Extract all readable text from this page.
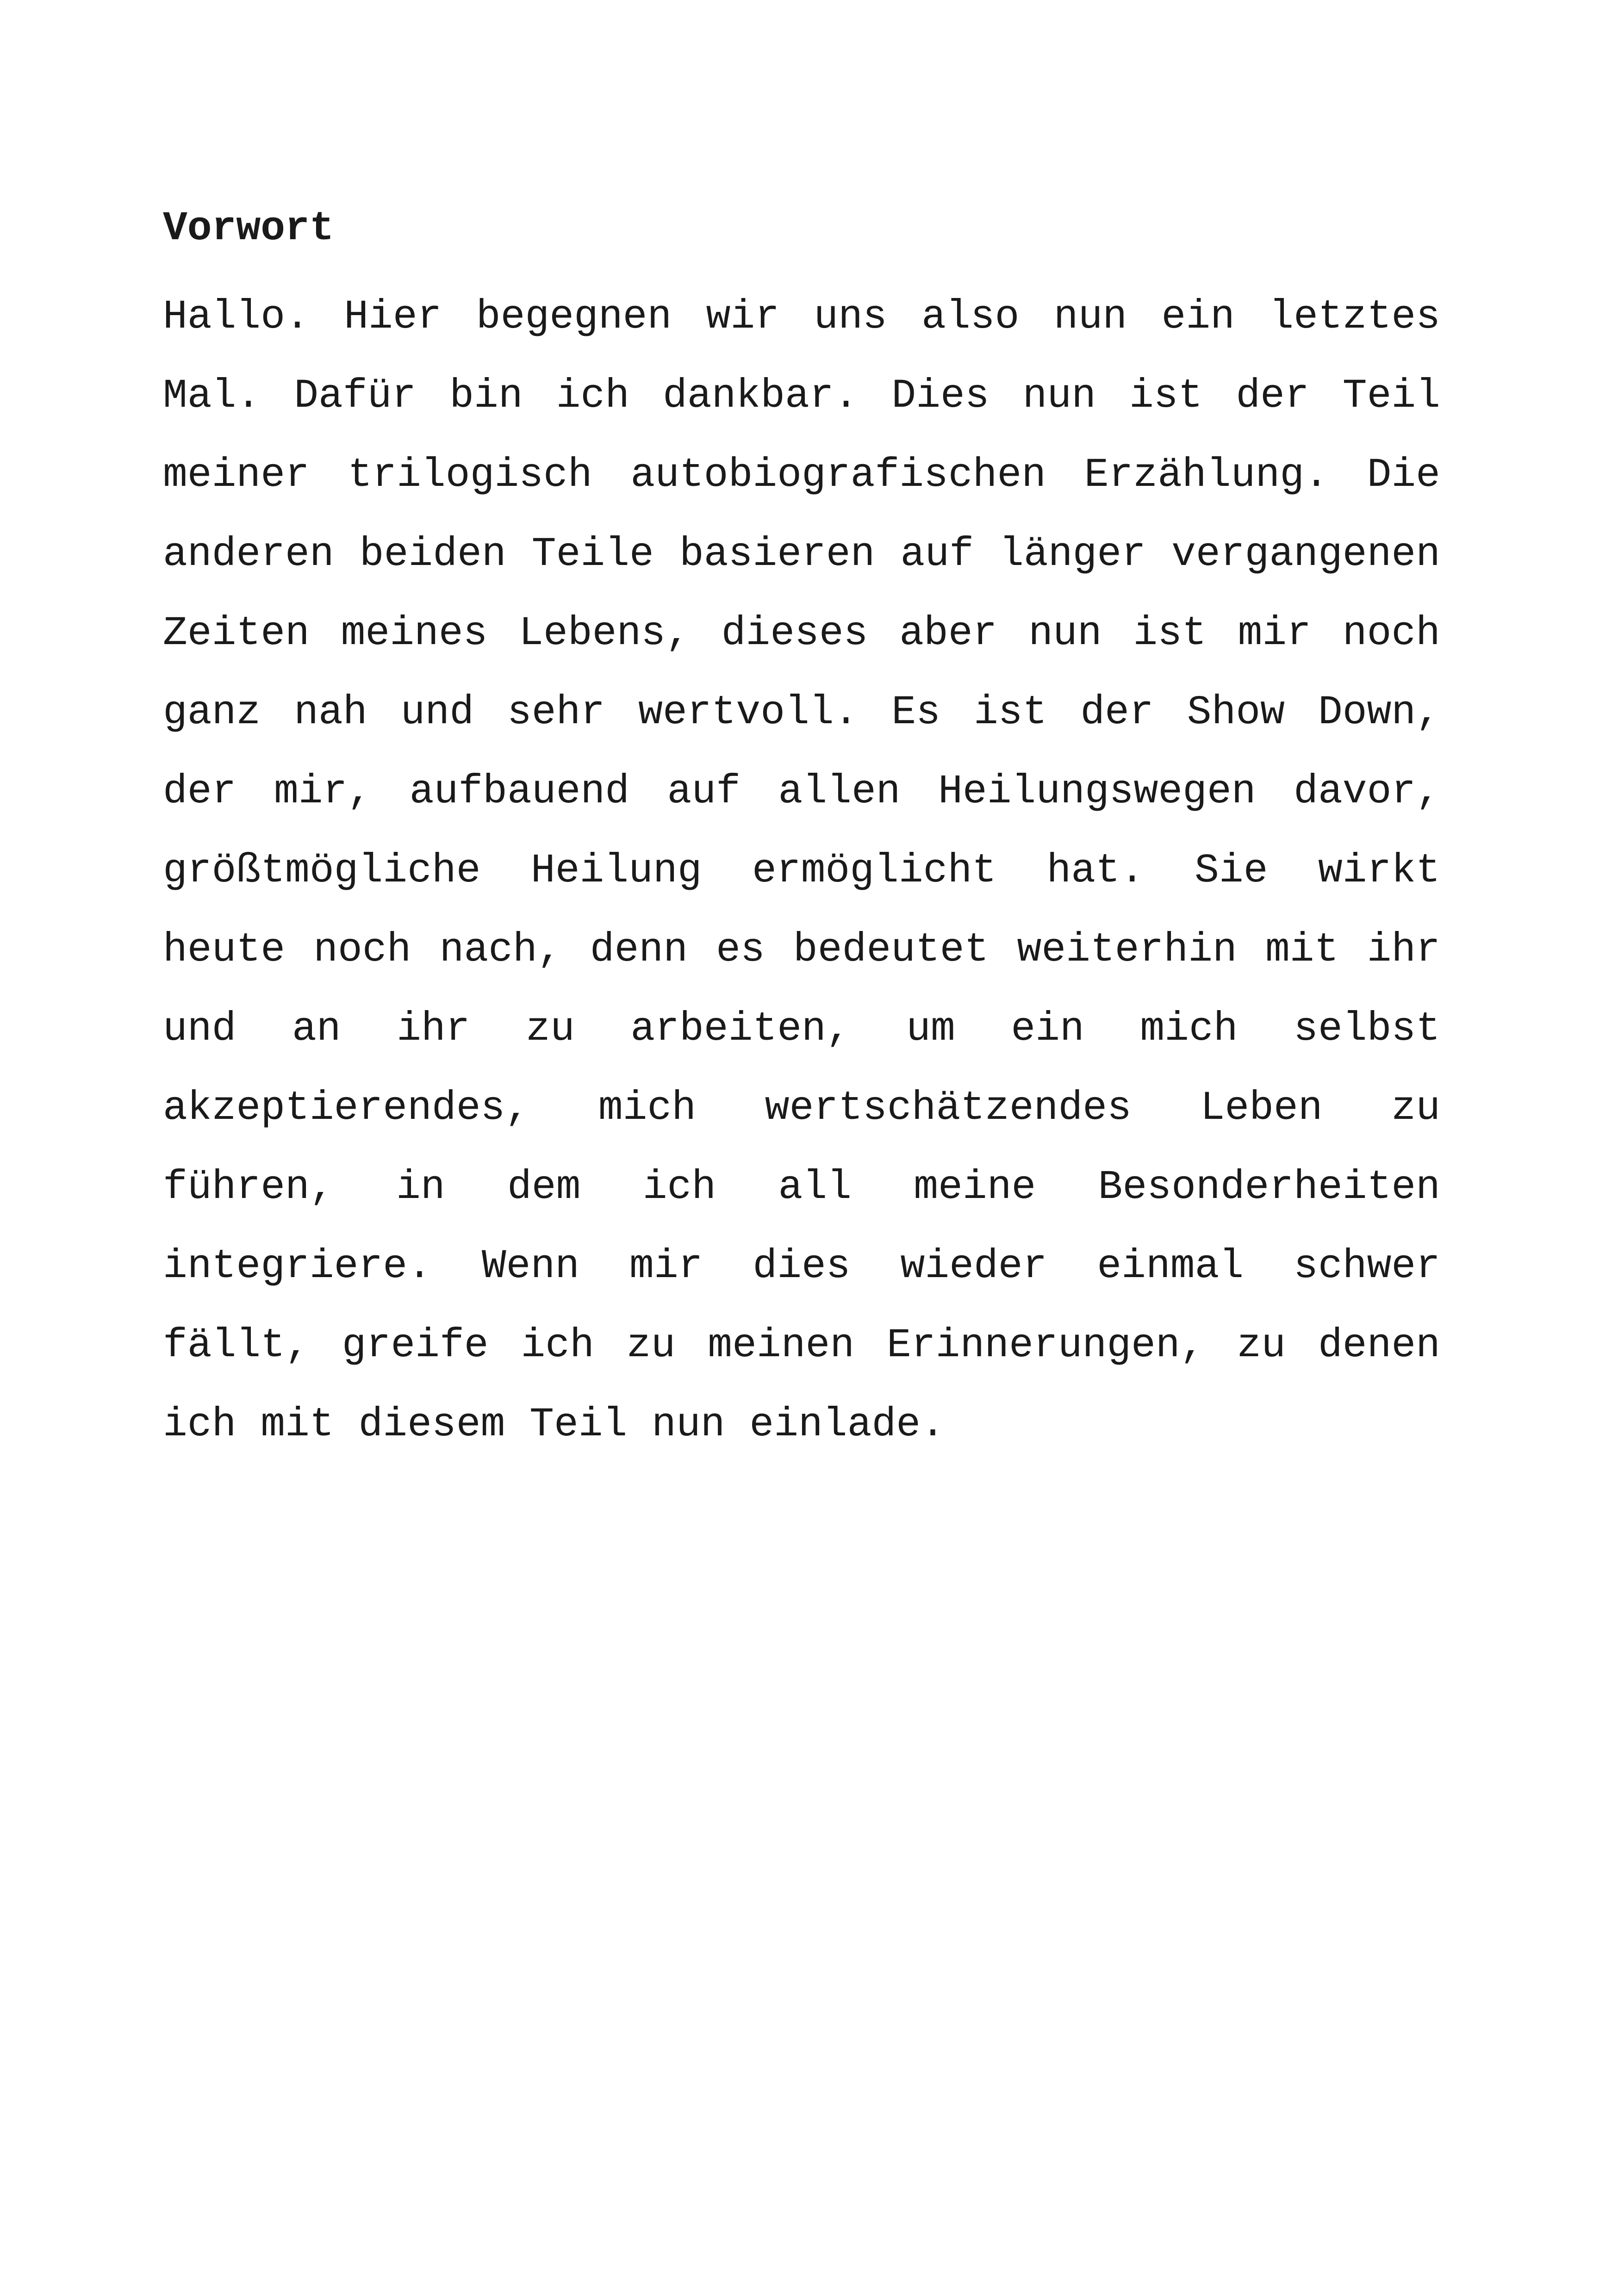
Vorwort

Hallo. Hier begegnen wir uns also nun ein letztes Mal. Dafür bin ich dankbar. Dies nun ist der Teil meiner trilogisch autobiografischen Erzählung. Die anderen beiden Teile basieren auf länger vergangenen Zeiten meines Lebens, dieses aber nun ist mir noch ganz nah und sehr wertvoll. Es ist der Show Down, der mir, aufbauend auf allen Heilungswegen davor, größtmögliche Heilung ermöglicht hat. Sie wirkt heute noch nach, denn es bedeutet weiterhin mit ihr und an ihr zu arbeiten, um ein mich selbst akzeptierendes, mich wertschätzendes Leben zu führen, in dem ich all meine Besonderheiten integriere. Wenn mir dies wieder einmal schwer fällt, greife ich zu meinen Erinnerungen, zu denen ich mit diesem Teil nun einlade.
